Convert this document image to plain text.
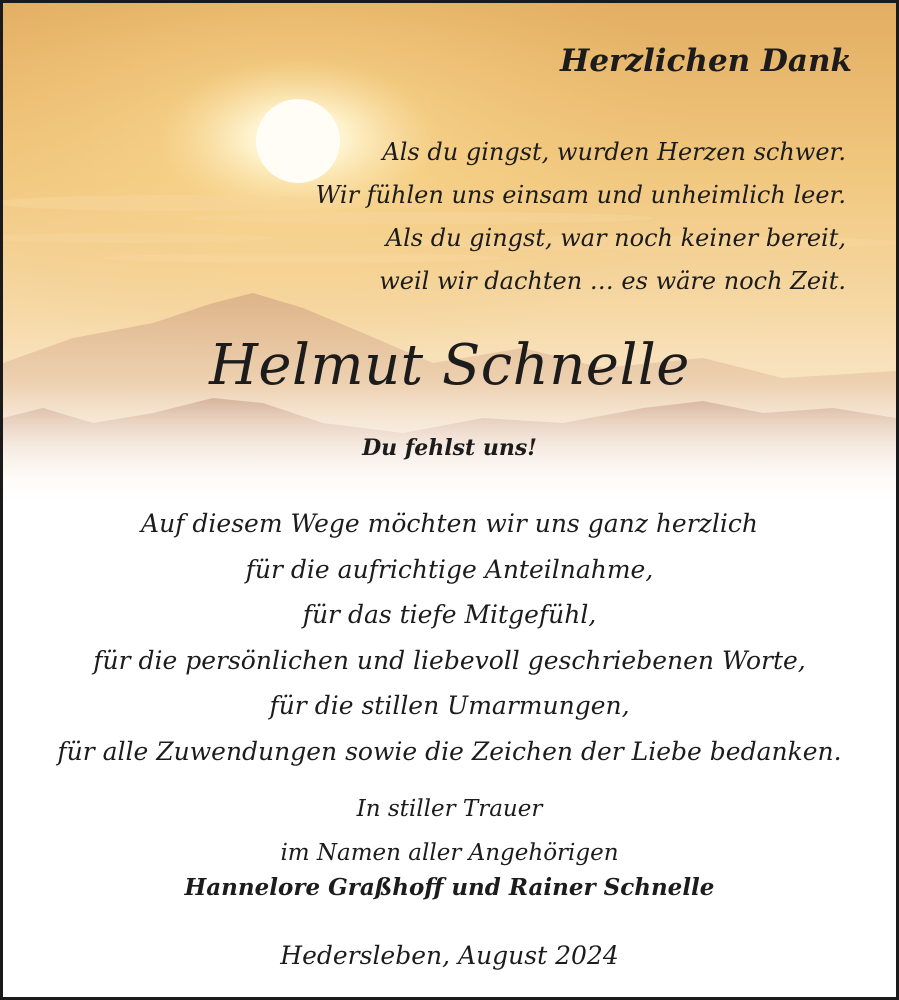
Herzlichen Dank
Als du gingst, wurden Herzen schwer.
Wir fühlen uns einsam und unheimlich leer.
Als du gingst, war noch keiner bereit,
weil wir dachten … es wäre noch Zeit.
Helmut Schnelle
Du fehlst uns!
Auf diesem Wege möchten wir uns ganz herzlich
für die aufrichtige Anteilnahme,
für das tiefe Mitgefühl,
für die persönlichen und liebevoll geschriebenen Worte,
für die stillen Umarmungen,
für alle Zuwendungen sowie die Zeichen der Liebe bedanken.
In stiller Trauer
im Namen aller Angehörigen
Hannelore Graßhoff und Rainer Schnelle
Hedersleben, August 2024
